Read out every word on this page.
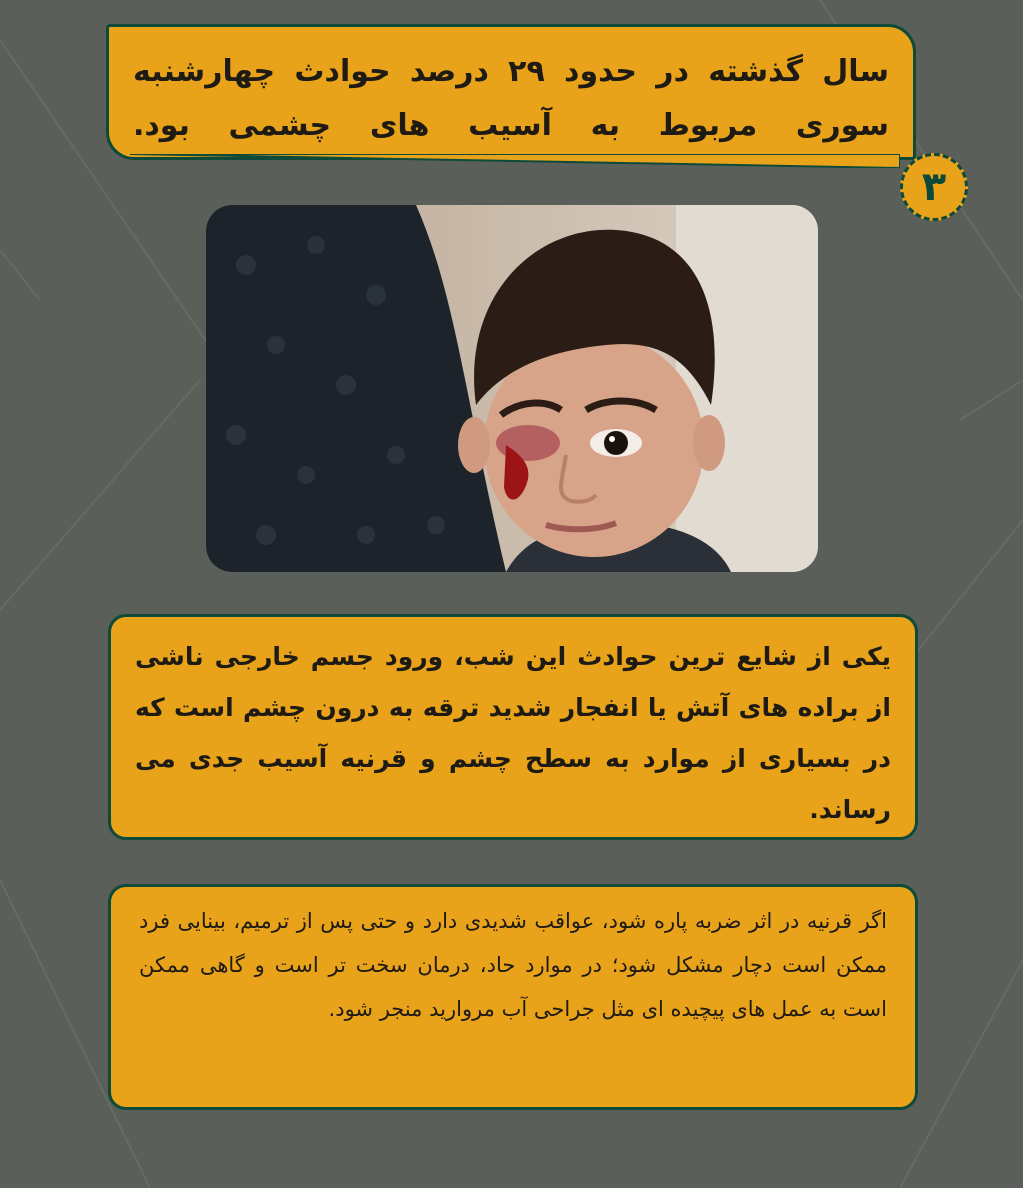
سال گذشته در حدود ۲۹ درصد حوادث چهارشنبه سوری مربوط به آسیب های چشمی بود.
۳
یکی از شایع ترین حوادث این شب، ورود جسم خارجی ناشی از براده های آتش یا انفجار شدید ترقه به درون چشم است که در بسیاری از موارد به سطح چشم و قرنیه آسیب جدی می رساند.
اگر قرنیه در اثر ضربه پاره شود، عواقب شدیدی دارد و حتی پس از ترمیم، بینایی فرد ممکن است دچار مشکل شود؛ در موارد حاد، درمان سخت تر است و گاهی ممکن است به عمل های پیچیده ای مثل جراحی آب مروارید منجر شود.
